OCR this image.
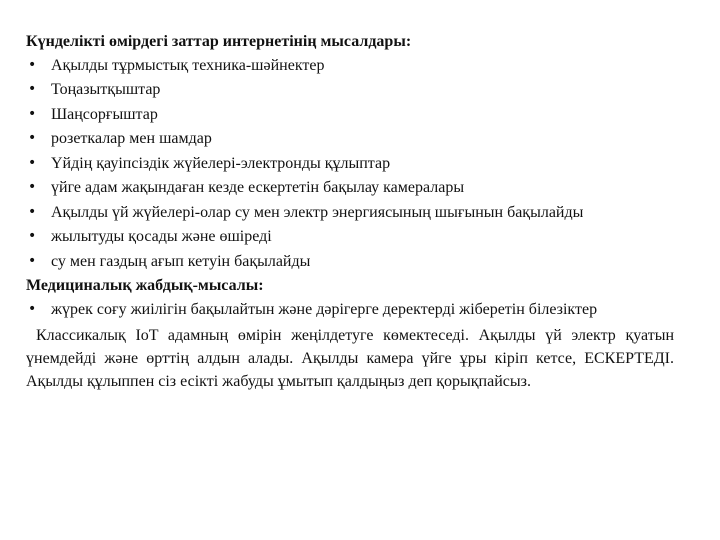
Күнделікті өмірдегі заттар интернетінің мысалдары:
• Ақылды тұрмыстық техника-шәйнектер
• Тоңазытқыштар
• Шаңсорғыштар
• розеткалар мен шамдар
• Үйдің қауіпсіздік жүйелері-электронды құлыптар
• үйге адам жақындаған кезде ескертетін бақылау камералары
• Ақылды үй жүйелері-олар су мен электр энергиясының шығынын бақылайды
• жылытуды қосады және өшіреді
• су мен газдың ағып кетуін бақылайды
Медициналық жабдық-мысалы:
• жүрек соғу жиілігін бақылайтын және дәрігерге деректерді жіберетін білезіктер

Классикалық IoT адамның өмірін жеңілдетуге көмектеседі. Ақылды үй электр қуатын үнемдейді және өрттің алдын алады. Ақылды камера үйге ұры кіріп кетсе, ЕСКЕРТЕДІ. Ақылды құлыппен сіз есікті жабуды ұмытып қалдыңыз деп қорықпайсыз.
